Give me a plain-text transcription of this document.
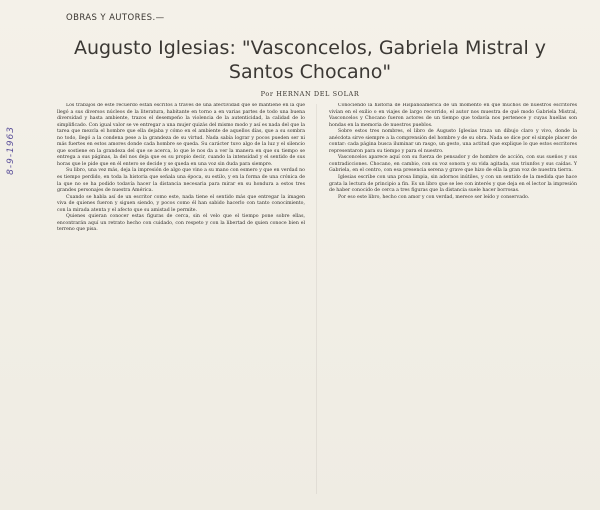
OBRAS Y AUTORES.—
Augusto Iglesias: "Vasconcelos, Gabriela Mistral y
Santos Chocano"
Por HERNAN DEL SOLAR
8-9-1963

Los trabajos de este recuerdo están escritos a través de una afectividad que se mantiene en la que llegó a sus diversos núcleos de la literatura, habitante en torno a en varias partes de todo una buena diversidad y hasta ambiente, trazos el desempeño la violencia de la autenticidad, la calidad de lo simplificado. Con igual valor se ve entregar a una mujer quizás del mismo modo y así es nada del que la tarea que mezcla el hombre que ella dejaba y cómo en el ambiente de aquellos días, que a su sombra no todo, llegó a la condena pese a la grandeza de su virtud. Nada sabía lograr y pocos pueden ser ni más fuertes en estos amores donde cada hombre se queda. Su carácter tuvo algo de la luz y el silencio que sostiene en la grandeza del que se acerca, lo que le nos da a ver la manera en que su tiempo se entrega a sus páginas, la del nos deja que es su propio decir, cuando la intensidad y el sentido de sus horas que le pide que en él entero se decide y se queda en una voz sin duda para siempre.

Su libro, una vez más, deja la impresión de algo que vino a su mano con esmero y que en verdad no es tiempo perdido, en toda la historia que señala una época, su estilo, y en la forma de una crónica de la que no se ha podido todavía hacer la distancia necesaria para mirar en su hondura a estos tres grandes personajes de nuestra América.

Cuando se habla así de un escritor como este, nada tiene el sentido más que entregar la imagen viva de quienes fueron y siguen siendo, y pocos como él han sabido hacerlo con tanto conocimiento, con la mirada atenta y el afecto que su amistad le permite.

Quienes quieran conocer estas figuras de cerca, sin el velo que el tiempo pone sobre ellas, encontrarán aquí un retrato hecho con cuidado, con respeto y con la libertad de quien conoce bien el terreno que pisa.

Conociendo la historia de Hispanoamérica de un momento en que muchos de nuestros escritores vivían en el exilio o en viajes de largo recorrido, el autor nos muestra de qué modo Gabriela Mistral, Vasconcelos y Chocano fueron actores de un tiempo que todavía nos pertenece y cuyas huellas son hondas en la memoria de nuestros pueblos.

Sobre estos tres nombres, el libro de Augusto Iglesias traza un dibujo claro y vivo, donde la anécdota sirve siempre a la comprensión del hombre y de su obra. Nada se dice por el simple placer de contar: cada página busca iluminar un rasgo, un gesto, una actitud que explique lo que estos escritores representaron para su tiempo y para el nuestro.

Vasconcelos aparece aquí con su fuerza de pensador y de hombre de acción, con sus sueños y sus contradicciones. Chocano, en cambio, con su voz sonora y su vida agitada, sus triunfos y sus caídas. Y Gabriela, en el centro, con esa presencia serena y grave que hizo de ella la gran voz de nuestra tierra.

Iglesias escribe con una prosa limpia, sin adornos inútiles, y con un sentido de la medida que hace grata la lectura de principio a fin. Es un libro que se lee con interés y que deja en el lector la impresión de haber conocido de cerca a tres figuras que la distancia suele hacer borrosas.

Por eso este libro, hecho con amor y con verdad, merece ser leído y conservado.
